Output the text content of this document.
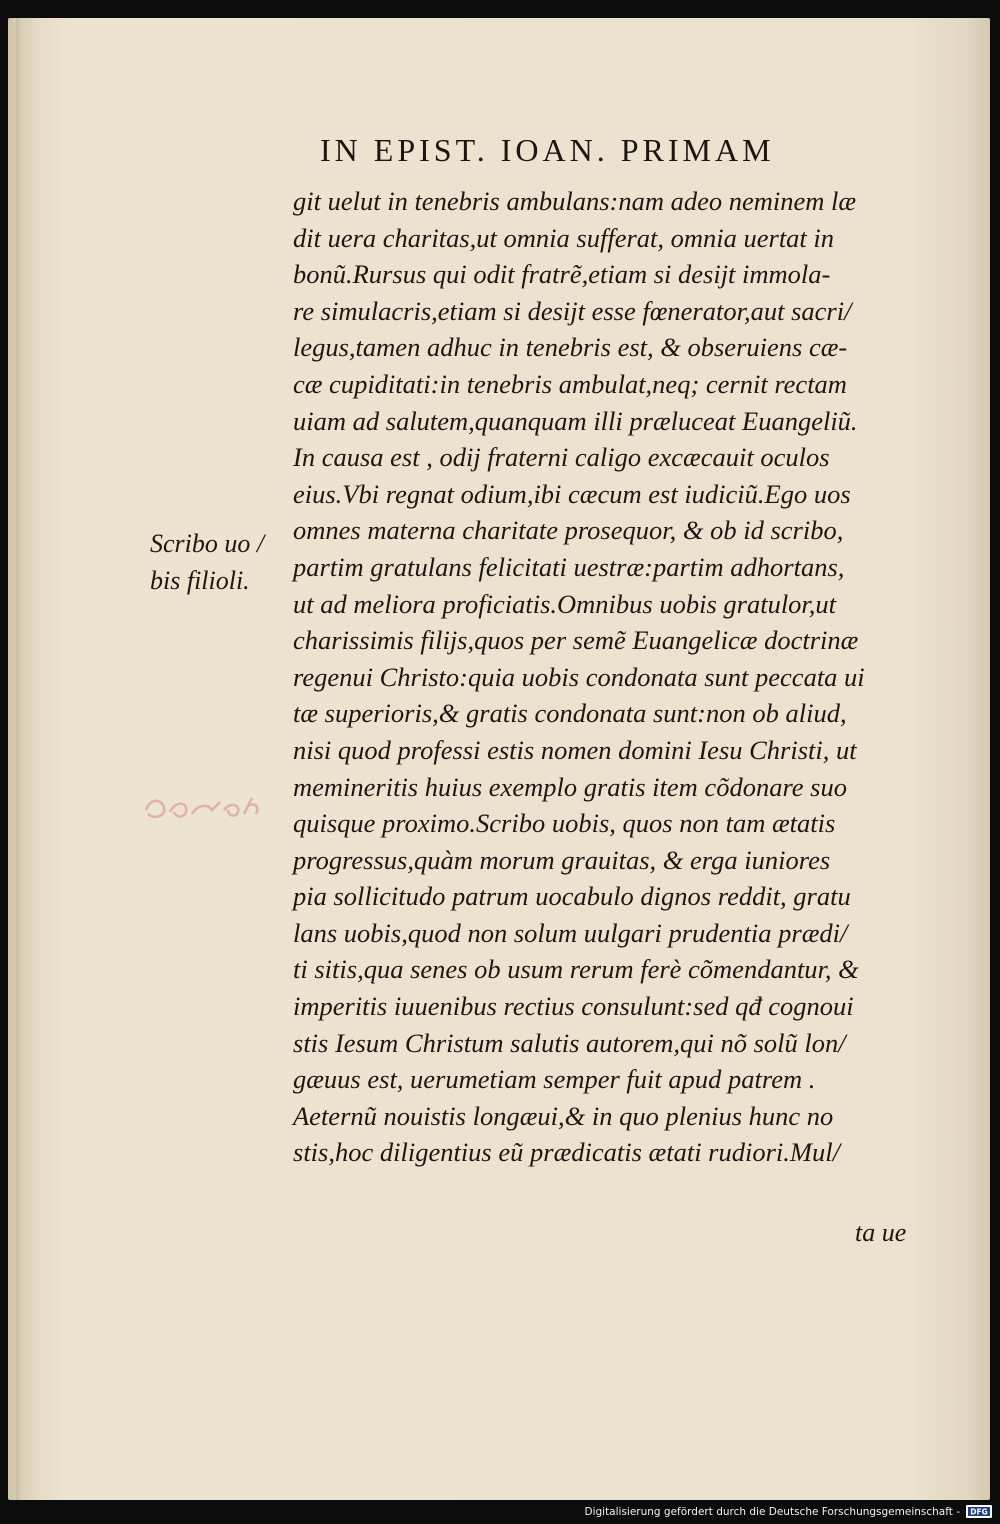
IN EPIST. IOAN. PRIMAM
Scribo uo /
bis filioli.
git uelut in tenebris ambulans:nam adeo neminem læ
dit uera charitas,ut omnia sufferat, omnia uertat in
bonũ.Rursus qui odit fratrẽ,etiam si desijt immola-
re simulacris,etiam si desijt esse fœnerator,aut sacri/
legus,tamen adhuc in tenebris est, & obseruiens cæ-
cæ cupiditati:in tenebris ambulat,neq; cernit rectam
uiam ad salutem,quanquam illi præluceat Euangeliũ.
In causa est , odij fraterni caligo excæcauit oculos
eius.Vbi regnat odium,ibi cæcum est iudiciũ.Ego uos
omnes materna charitate prosequor, & ob id scribo,
partim gratulans felicitati uestræ:partim adhortans,
ut ad meliora proficiatis.Omnibus uobis gratulor,ut
charissimis filijs,quos per semẽ Euangelicæ doctrinæ
regenui Christo:quia uobis condonata sunt peccata ui
tæ superioris,& gratis condonata sunt:non ob aliud,
nisi quod professi estis nomen domini Iesu Christi, ut
memineritis huius exemplo gratis item cõdonare suo
quisque proximo.Scribo uobis, quos non tam ætatis
progressus,quàm morum grauitas, & erga iuniores
pia sollicitudo patrum uocabulo dignos reddit, gratu
lans uobis,quod non solum uulgari prudentia prædi/
ti sitis,qua senes ob usum rerum ferè cõmendantur, &
imperitis iuuenibus rectius consulunt:sed qđ cognoui
stis Iesum Christum salutis autorem,qui nõ solũ lon/
gæuus est, uerumetiam semper fuit apud patrem .
Aeternũ nouistis longæui,& in quo plenius hunc no
stis,hoc diligentius eũ prædicatis ætati rudiori.Mul/
ta ue
Digitalisierung gefördert durch die Deutsche Forschungsgemeinschaft - DFG
